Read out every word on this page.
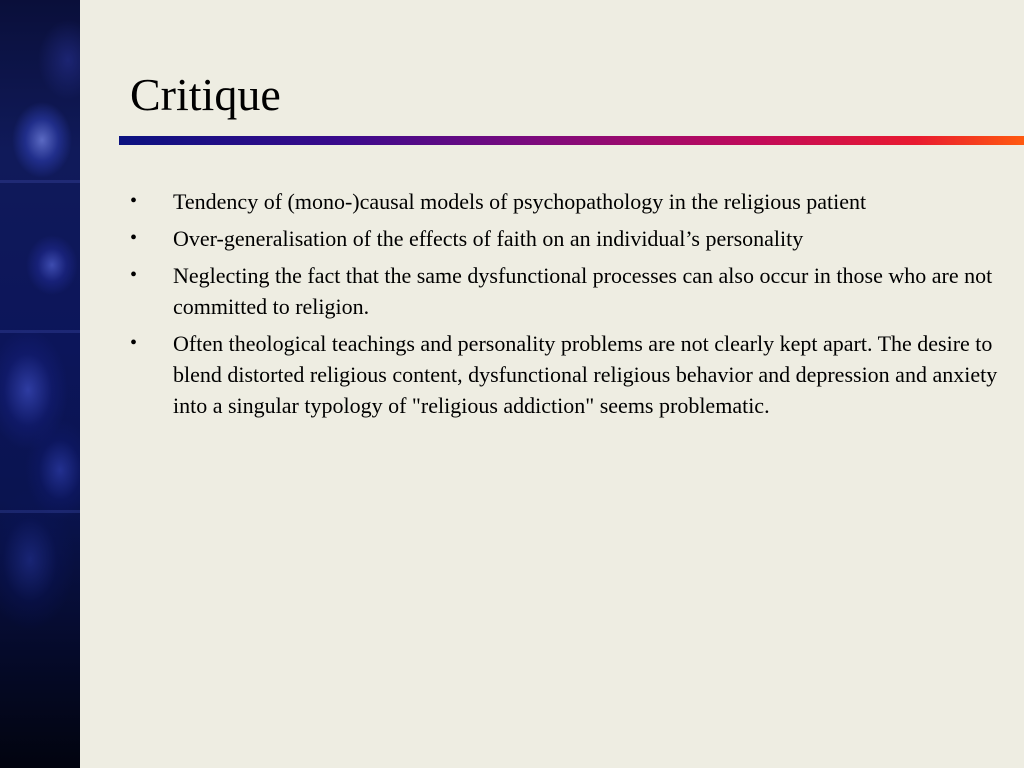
Critique
•	Tendency of (mono-)causal models of psychopathology in the religious patient
•	Over-generalisation of the effects of faith on an individual’s personality
•	Neglecting the fact that the same dysfunctional processes can also occur in those who are not committed to religion.
•	Often theological teachings and personality problems are not clearly kept apart. The desire to blend distorted religious content, dysfunctional religious behavior and depression and anxiety into a singular typology of "religious addiction" seems problematic.
